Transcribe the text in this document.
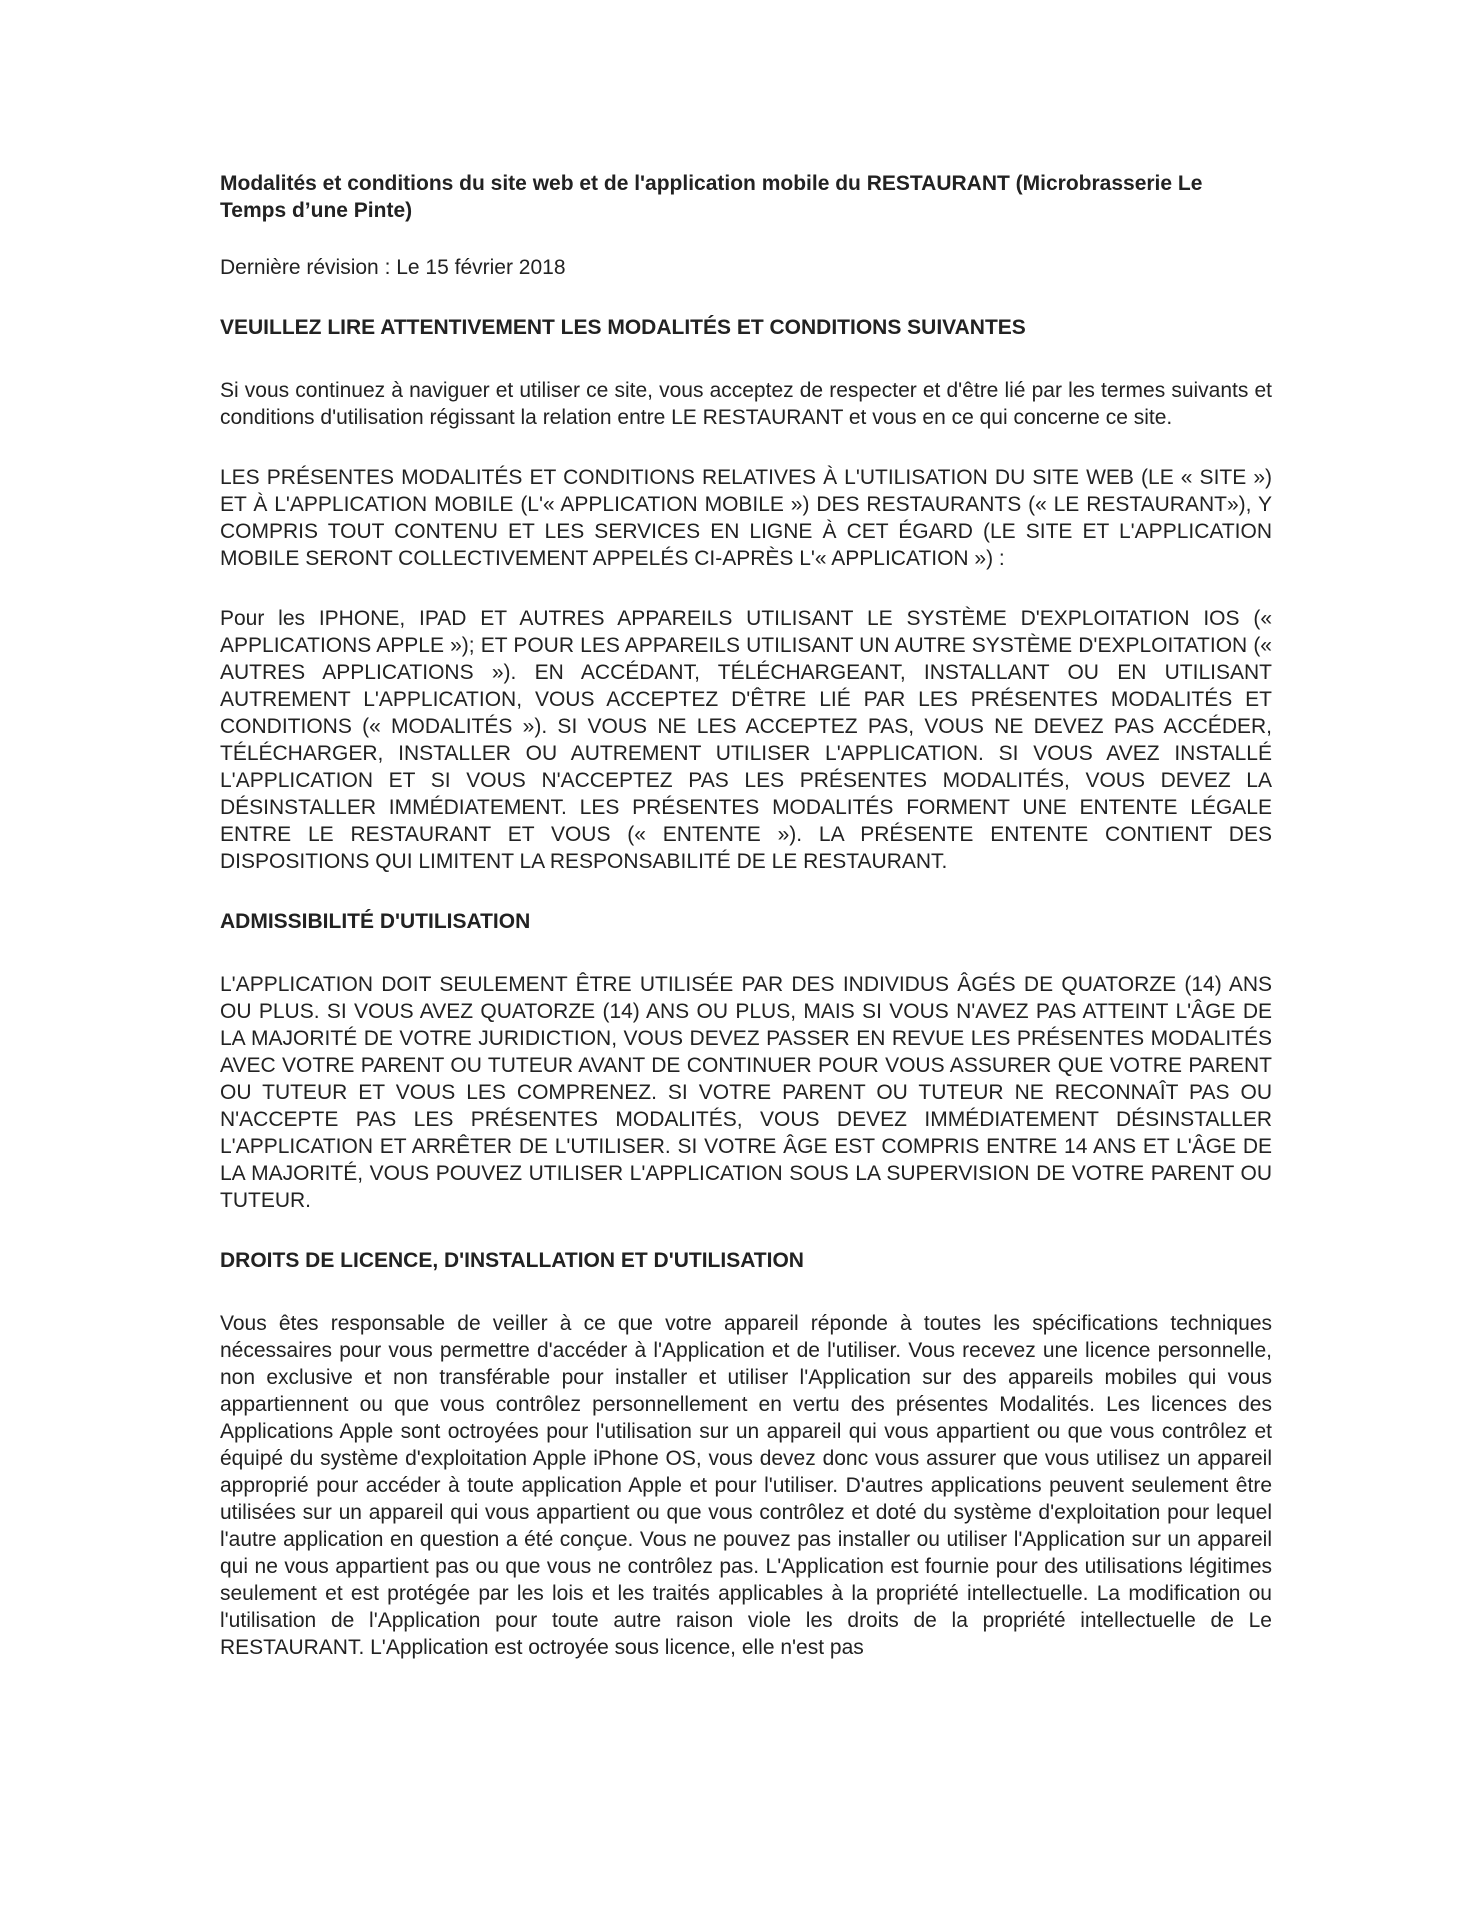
Modalités et conditions du site web et de l'application mobile du RESTAURANT (Microbrasserie Le Temps d’une Pinte)

Dernière révision : Le 15 février 2018

VEUILLEZ LIRE ATTENTIVEMENT LES MODALITÉS ET CONDITIONS SUIVANTES

Si vous continuez à naviguer et utiliser ce site, vous acceptez de respecter et d'être lié par les termes suivants et conditions d'utilisation régissant la relation entre LE RESTAURANT et vous en ce qui concerne ce site.

LES PRÉSENTES MODALITÉS ET CONDITIONS RELATIVES À L'UTILISATION DU SITE WEB (LE « SITE ») ET À L'APPLICATION MOBILE (L'« APPLICATION MOBILE ») DES RESTAURANTS (« LE RESTAURANT»), Y COMPRIS TOUT CONTENU ET LES SERVICES EN LIGNE À CET ÉGARD (LE SITE ET L'APPLICATION MOBILE SERONT COLLECTIVEMENT APPELÉS CI-APRÈS L'« APPLICATION ») :

Pour les IPHONE, IPAD ET AUTRES APPAREILS UTILISANT LE SYSTÈME D'EXPLOITATION IOS (« APPLICATIONS APPLE »); ET POUR LES APPAREILS UTILISANT UN AUTRE SYSTÈME D'EXPLOITATION (« AUTRES APPLICATIONS »). EN ACCÉDANT, TÉLÉCHARGEANT, INSTALLANT OU EN UTILISANT AUTREMENT L'APPLICATION, VOUS ACCEPTEZ D'ÊTRE LIÉ PAR LES PRÉSENTES MODALITÉS ET CONDITIONS (« MODALITÉS »). SI VOUS NE LES ACCEPTEZ PAS, VOUS NE DEVEZ PAS ACCÉDER, TÉLÉCHARGER, INSTALLER OU AUTREMENT UTILISER L'APPLICATION. SI VOUS AVEZ INSTALLÉ L'APPLICATION ET SI VOUS N'ACCEPTEZ PAS LES PRÉSENTES MODALITÉS, VOUS DEVEZ LA DÉSINSTALLER IMMÉDIATEMENT. LES PRÉSENTES MODALITÉS FORMENT UNE ENTENTE LÉGALE ENTRE LE RESTAURANT ET VOUS (« ENTENTE »). LA PRÉSENTE ENTENTE CONTIENT DES DISPOSITIONS QUI LIMITENT LA RESPONSABILITÉ DE LE RESTAURANT.

ADMISSIBILITÉ D'UTILISATION

L'APPLICATION DOIT SEULEMENT ÊTRE UTILISÉE PAR DES INDIVIDUS ÂGÉS DE QUATORZE (14) ANS OU PLUS. SI VOUS AVEZ QUATORZE (14) ANS OU PLUS, MAIS SI VOUS N'AVEZ PAS ATTEINT L'ÂGE DE LA MAJORITÉ DE VOTRE JURIDICTION, VOUS DEVEZ PASSER EN REVUE LES PRÉSENTES MODALITÉS AVEC VOTRE PARENT OU TUTEUR AVANT DE CONTINUER POUR VOUS ASSURER QUE VOTRE PARENT OU TUTEUR ET VOUS LES COMPRENEZ. SI VOTRE PARENT OU TUTEUR NE RECONNAÎT PAS OU N'ACCEPTE PAS LES PRÉSENTES MODALITÉS, VOUS DEVEZ IMMÉDIATEMENT DÉSINSTALLER L'APPLICATION ET ARRÊTER DE L'UTILISER. SI VOTRE ÂGE EST COMPRIS ENTRE 14 ANS ET L'ÂGE DE LA MAJORITÉ, VOUS POUVEZ UTILISER L'APPLICATION SOUS LA SUPERVISION DE VOTRE PARENT OU TUTEUR.

DROITS DE LICENCE, D'INSTALLATION ET D'UTILISATION

Vous êtes responsable de veiller à ce que votre appareil réponde à toutes les spécifications techniques nécessaires pour vous permettre d'accéder à l'Application et de l'utiliser. Vous recevez une licence personnelle, non exclusive et non transférable pour installer et utiliser l'Application sur des appareils mobiles qui vous appartiennent ou que vous contrôlez personnellement en vertu des présentes Modalités. Les licences des Applications Apple sont octroyées pour l'utilisation sur un appareil qui vous appartient ou que vous contrôlez et équipé du système d'exploitation Apple iPhone OS, vous devez donc vous assurer que vous utilisez un appareil approprié pour accéder à toute application Apple et pour l'utiliser. D'autres applications peuvent seulement être utilisées sur un appareil qui vous appartient ou que vous contrôlez et doté du système d'exploitation pour lequel l'autre application en question a été conçue. Vous ne pouvez pas installer ou utiliser l'Application sur un appareil qui ne vous appartient pas ou que vous ne contrôlez pas. L'Application est fournie pour des utilisations légitimes seulement et est protégée par les lois et les traités applicables à la propriété intellectuelle. La modification ou l'utilisation de l'Application pour toute autre raison viole les droits de la propriété intellectuelle de Le RESTAURANT. L'Application est octroyée sous licence, elle n'est pas
